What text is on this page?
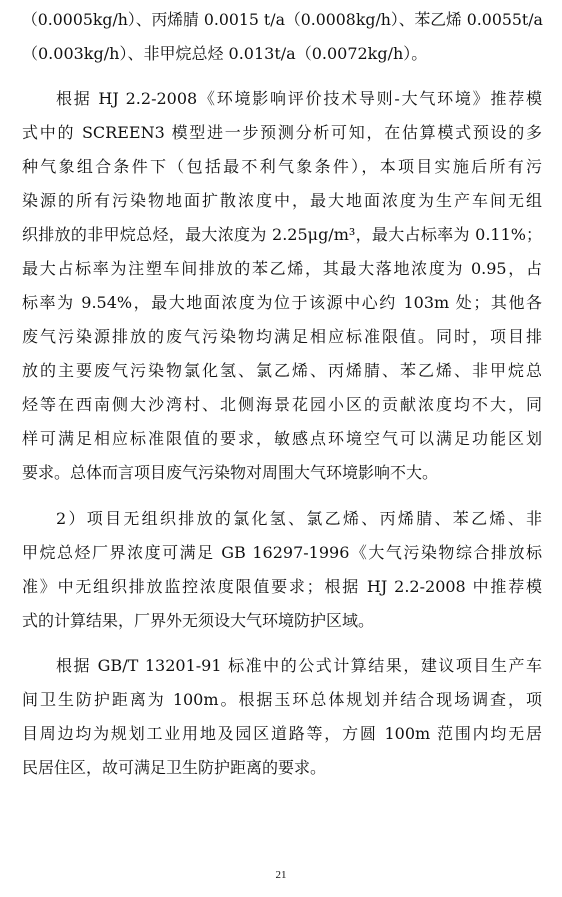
（0.0005kg/h）、丙烯腈 0.0015 t/a（0.0008kg/h）、苯乙烯 0.0055t/a
（0.003kg/h）、非甲烷总烃 0.013t/a（0.0072kg/h）。
根据 HJ 2.2-2008《环境影响评价技术导则-大气环境》推荐模
式中的 SCREEN3 模型进一步预测分析可知，在估算模式预设的多
种气象组合条件下（包括最不利气象条件），本项目实施后所有污
染源的所有污染物地面扩散浓度中，最大地面浓度为生产车间无组
织排放的非甲烷总烃，最大浓度为 2.25μg/m³，最大占标率为 0.11%；
最大占标率为注塑车间排放的苯乙烯，其最大落地浓度为 0.95，占
标率为 9.54%，最大地面浓度为位于该源中心约 103m 处；其他各
废气污染源排放的废气污染物均满足相应标准限值。同时，项目排
放的主要废气污染物氯化氢、氯乙烯、丙烯腈、苯乙烯、非甲烷总
烃等在西南侧大沙湾村、北侧海景花园小区的贡献浓度均不大，同
样可满足相应标准限值的要求，敏感点环境空气可以满足功能区划
要求。总体而言项目废气污染物对周围大气环境影响不大。
2）项目无组织排放的氯化氢、氯乙烯、丙烯腈、苯乙烯、非
甲烷总烃厂界浓度可满足 GB 16297-1996《大气污染物综合排放标
准》中无组织排放监控浓度限值要求；根据 HJ 2.2-2008 中推荐模
式的计算结果，厂界外无须设大气环境防护区域。
根据 GB/T 13201-91 标准中的公式计算结果，建议项目生产车
间卫生防护距离为 100m。根据玉环总体规划并结合现场调查，项
目周边均为规划工业用地及园区道路等，方圆 100m 范围内均无居
民居住区，故可满足卫生防护距离的要求。
21
